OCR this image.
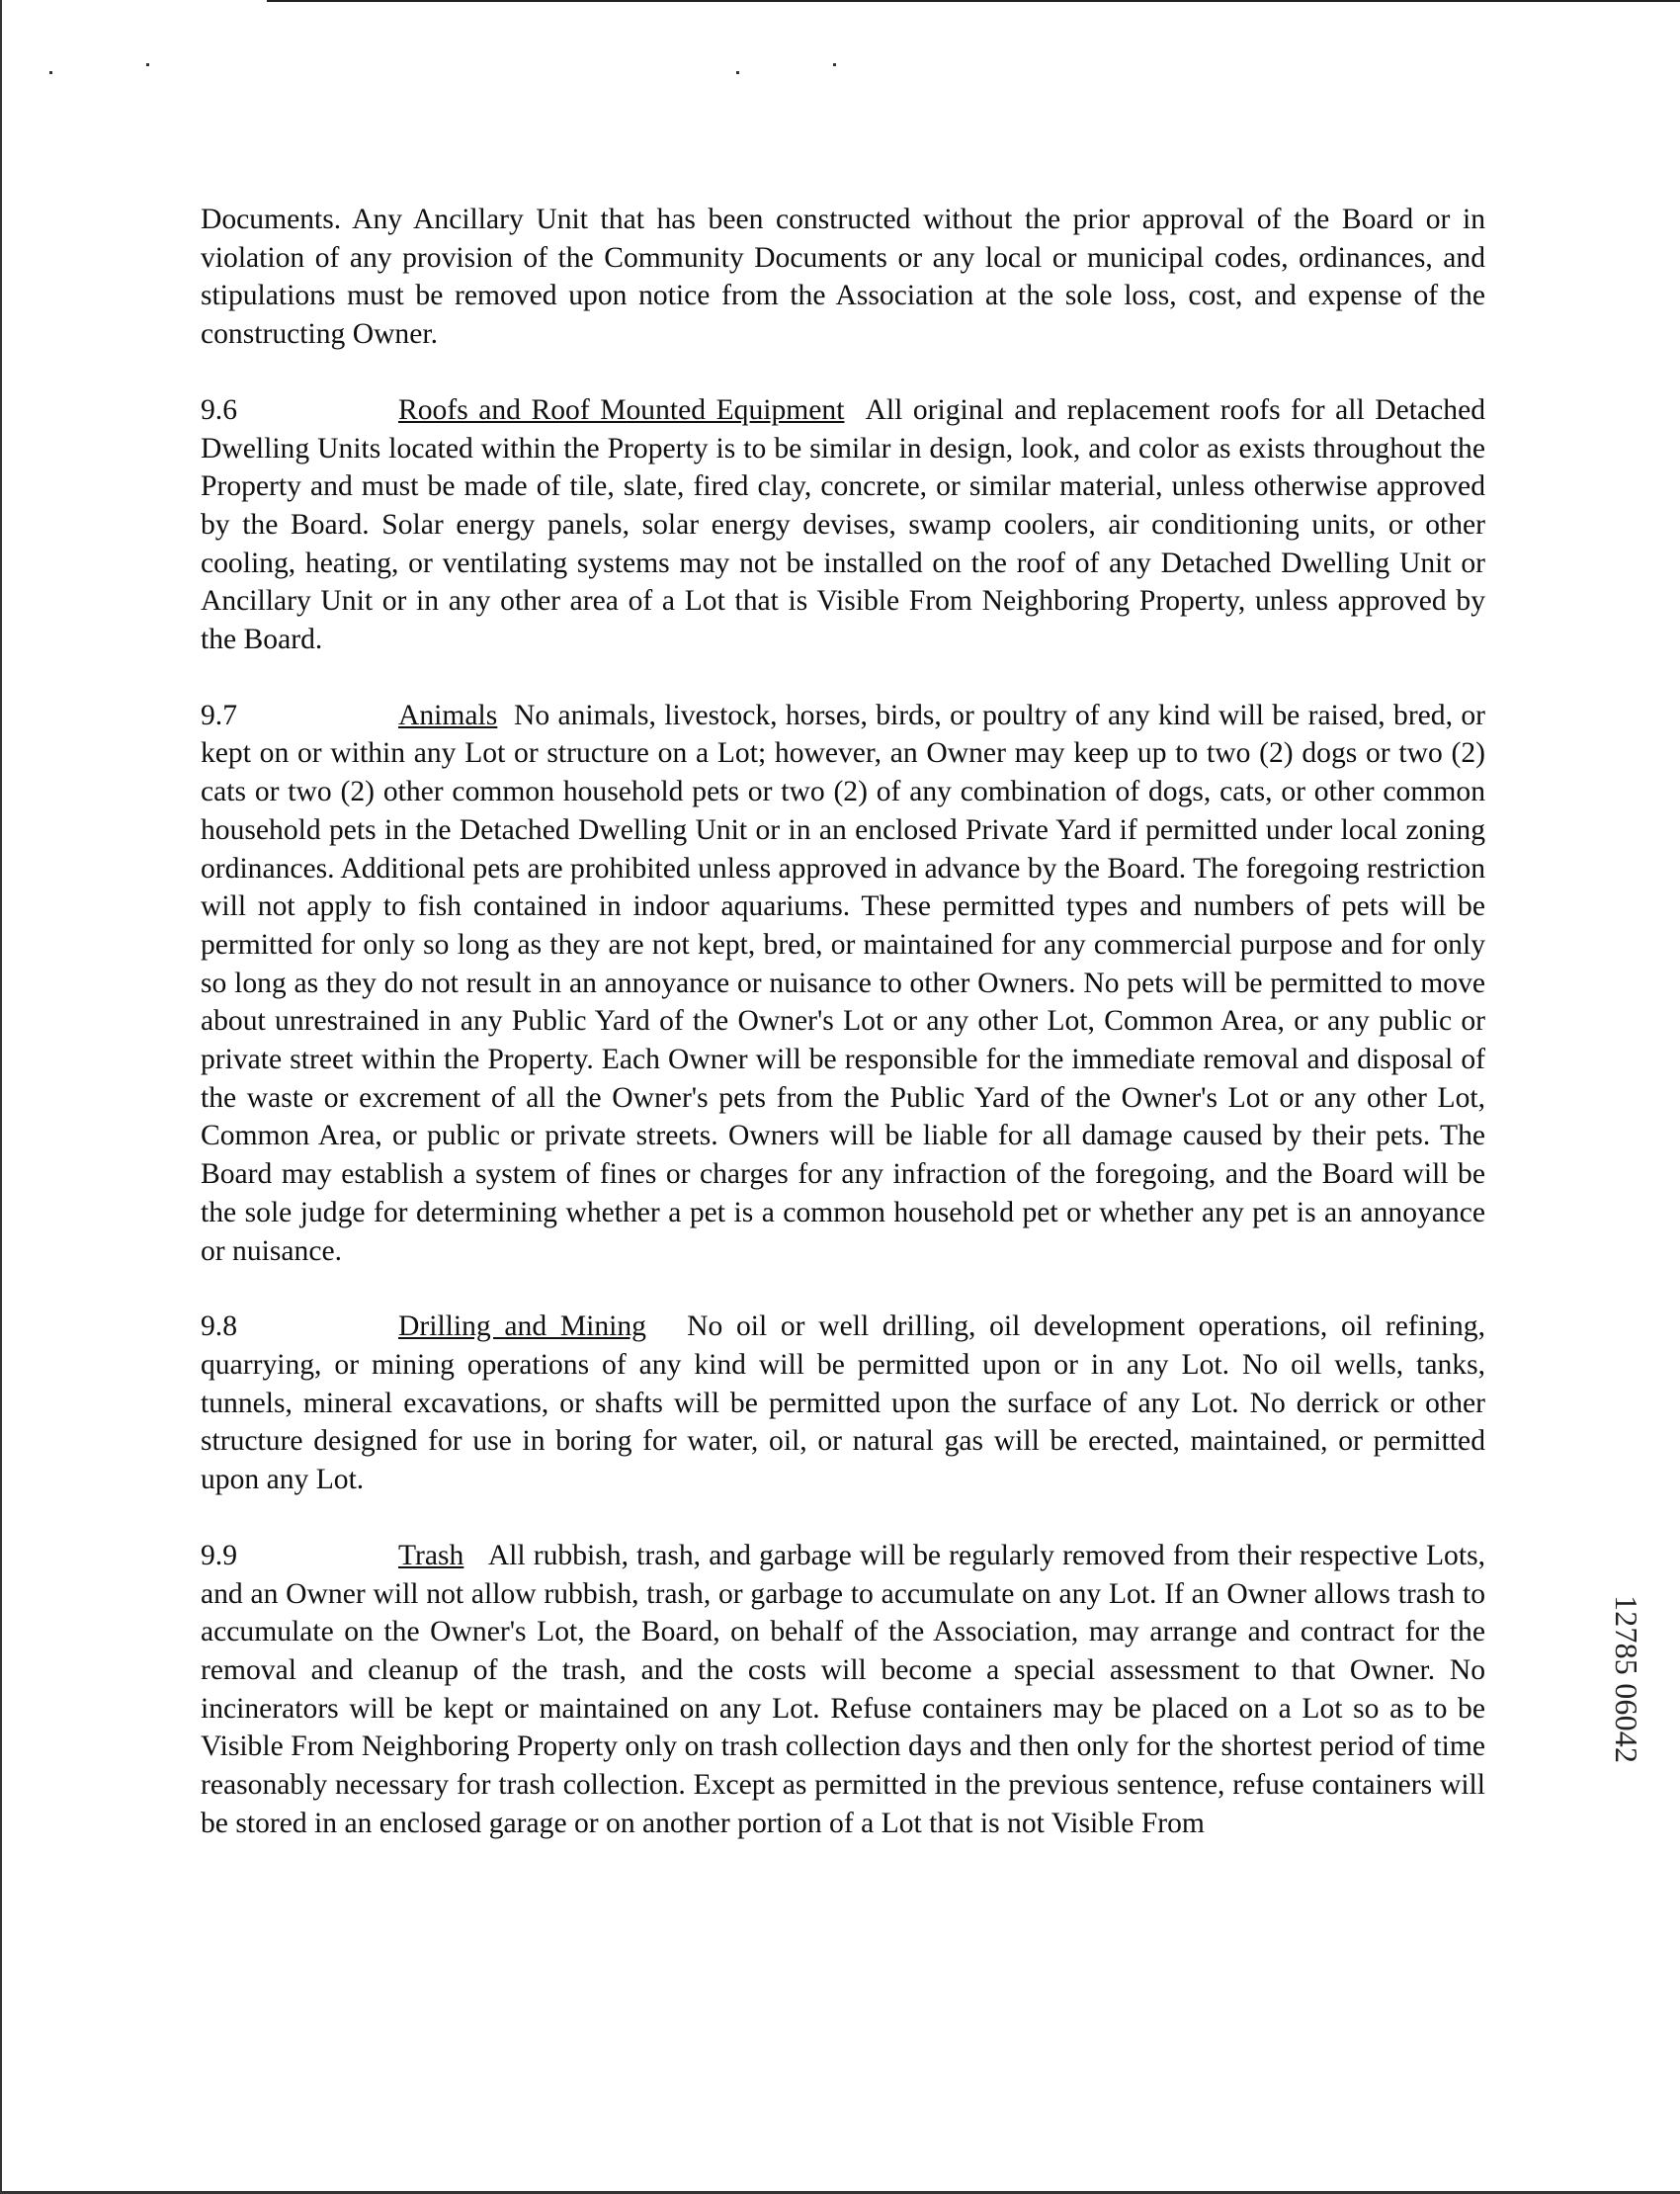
Documents. Any Ancillary Unit that has been constructed without the prior approval of the Board or in violation of any provision of the Community Documents or any local or municipal codes, ordinances, and stipulations must be removed upon notice from the Association at the sole loss, cost, and expense of the constructing Owner.

9.6	Roofs and Roof Mounted Equipment All original and replacement roofs for all Detached Dwelling Units located within the Property is to be similar in design, look, and color as exists throughout the Property and must be made of tile, slate, fired clay, concrete, or similar material, unless otherwise approved by the Board. Solar energy panels, solar energy devises, swamp coolers, air conditioning units, or other cooling, heating, or ventilating systems may not be installed on the roof of any Detached Dwelling Unit or Ancillary Unit or in any other area of a Lot that is Visible From Neighboring Property, unless approved by the Board.

9.7	Animals No animals, livestock, horses, birds, or poultry of any kind will be raised, bred, or kept on or within any Lot or structure on a Lot; however, an Owner may keep up to two (2) dogs or two (2) cats or two (2) other common household pets or two (2) of any combination of dogs, cats, or other common household pets in the Detached Dwelling Unit or in an enclosed Private Yard if permitted under local zoning ordinances. Additional pets are prohibited unless approved in advance by the Board. The foregoing restriction will not apply to fish contained in indoor aquariums. These permitted types and numbers of pets will be permitted for only so long as they are not kept, bred, or maintained for any commercial purpose and for only so long as they do not result in an annoyance or nuisance to other Owners. No pets will be permitted to move about unrestrained in any Public Yard of the Owner's Lot or any other Lot, Common Area, or any public or private street within the Property. Each Owner will be responsible for the immediate removal and disposal of the waste or excrement of all the Owner's pets from the Public Yard of the Owner's Lot or any other Lot, Common Area, or public or private streets. Owners will be liable for all damage caused by their pets. The Board may establish a system of fines or charges for any infraction of the foregoing, and the Board will be the sole judge for determining whether a pet is a common household pet or whether any pet is an annoyance or nuisance.

9.8	Drilling and Mining No oil or well drilling, oil development operations, oil refining, quarrying, or mining operations of any kind will be permitted upon or in any Lot. No oil wells, tanks, tunnels, mineral excavations, or shafts will be permitted upon the surface of any Lot. No derrick or other structure designed for use in boring for water, oil, or natural gas will be erected, maintained, or permitted upon any Lot.

9.9	Trash All rubbish, trash, and garbage will be regularly removed from their respective Lots, and an Owner will not allow rubbish, trash, or garbage to accumulate on any Lot. If an Owner allows trash to accumulate on the Owner's Lot, the Board, on behalf of the Association, may arrange and contract for the removal and cleanup of the trash, and the costs will become a special assessment to that Owner. No incinerators will be kept or maintained on any Lot. Refuse containers may be placed on a Lot so as to be Visible From Neighboring Property only on trash collection days and then only for the shortest period of time reasonably necessary for trash collection. Except as permitted in the previous sentence, refuse containers will be stored in an enclosed garage or on another portion of a Lot that is not Visible From

12785 06042
